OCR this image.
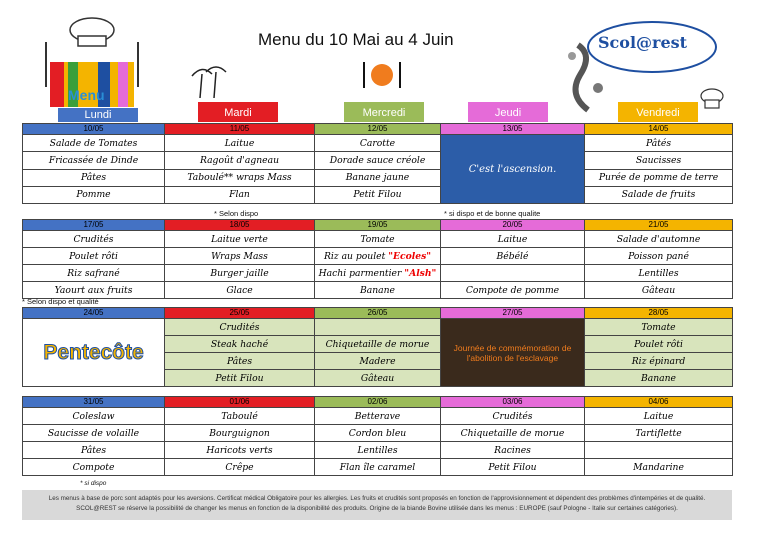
Menu
Menu du 10 Mai au 4 Juin	Scol@rest
Lundi	Mardi	Mercredi	Jeudi	Vendredi
10/05	11/05	12/05	13/05	14/05
Salade de Tomates	Laitue	Carotte	C'est l'ascension.	Pâtés
Fricassée de Dinde	Ragoût d'agneau	Dorade sauce créole		Saucisses
Pâtes	Taboulé** wraps Mass	Banane jaune		Purée de pomme de terre
Pomme	Flan	Petit Filou		Salade de fruits
* Selon dispo	* si dispo et de bonne qualite
17/05	18/05	19/05	20/05	21/05
Crudités	Laitue verte	Tomate	Laitue	Salade d'automne
Poulet rôti	Wraps Mass	Riz au poulet "Ecoles"	Bébélé	Poisson pané
Riz safrané	Burger jaille	Hachi parmentier "Alsh"		Lentilles
Yaourt aux fruits	Glace	Banane	Compote de pomme	Gâteau
* Selon dispo et qualité
24/05	25/05	26/05	27/05	28/05

Pentecôte	Crudités		Journée de commémoration de l'abolition de l'esclavage	Tomate
	Steak haché	Chiquetaille de morue		Poulet rôti
	Pâtes	Madere		Riz épinard
	Petit Filou	Gâteau		Banane
31/05	01/06	02/06	03/06	04/06
Coleslaw	Taboulé	Betterave	Crudités	Laitue
Saucisse de volaille	Bourguignon	Cordon bleu	Chiquetaille de morue	Tartiflette
Pâtes	Haricots verts	Lentilles	Racines	
Compote	Crêpe	Flan île caramel	Petit Filou	Mandarine
* si dispo
Les menus à base de porc sont adaptés pour les aversions. Certificat médical Obligatoire pour les allergies. Les fruits et crudités sont proposés en fonction de l'approvisionnement et dépendent des problèmes d'intempéries et de qualité.
SCOL@REST se réserve la possibilité de changer les menus en fonction de la disponibilité des produits. Origine de la biande Bovine utilisée dans les menus : EUROPE (sauf Pologne - Italie sur certaines catégories).
